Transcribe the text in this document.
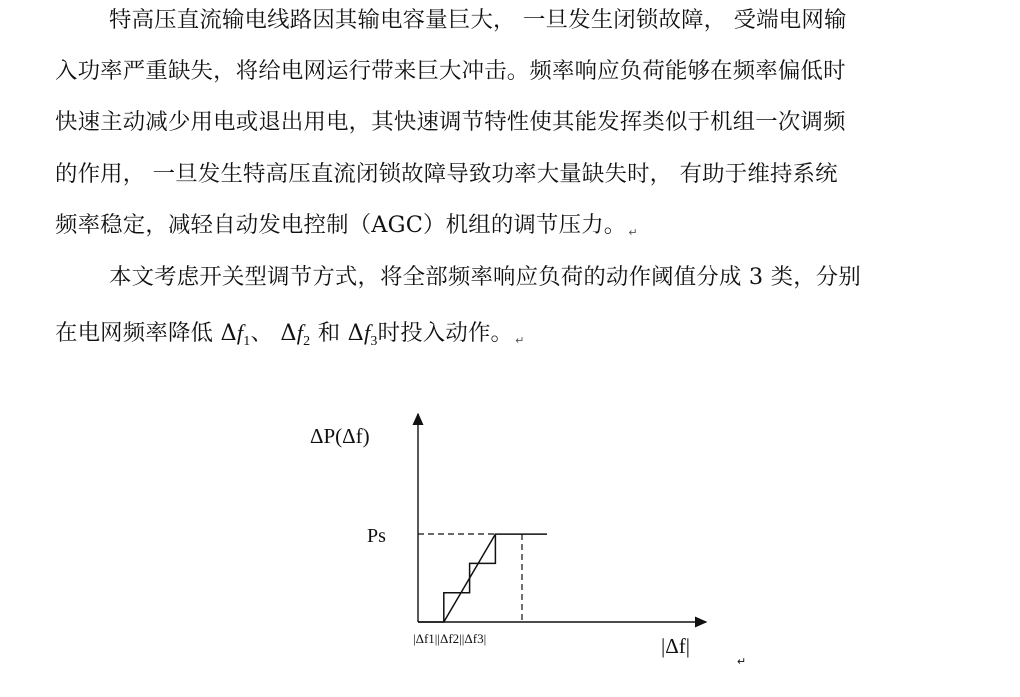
特高压直流输电线路因其输电容量巨大， 一旦发生闭锁故障， 受端电网输
入功率严重缺失，将给电网运行带来巨大冲击。频率响应负荷能够在频率偏低时
快速主动减少用电或退出用电，其快速调节特性使其能发挥类似于机组一次调频
的作用， 一旦发生特高压直流闭锁故障导致功率大量缺失时， 有助于维持系统
频率稳定，减轻自动发电控制（AGC）机组的调节压力。 ↵
本文考虑开关型调节方式，将全部频率响应负荷的动作阈值分成 3 类，分别
在电网频率降低 $\Delta f_1$、 $\Delta f_2$ 和 $\Delta f_3$时投入动作。 ↵
ΔP(Δf)
Ps
|Δf1||Δf2||Δf3|	|Δf|
↵
